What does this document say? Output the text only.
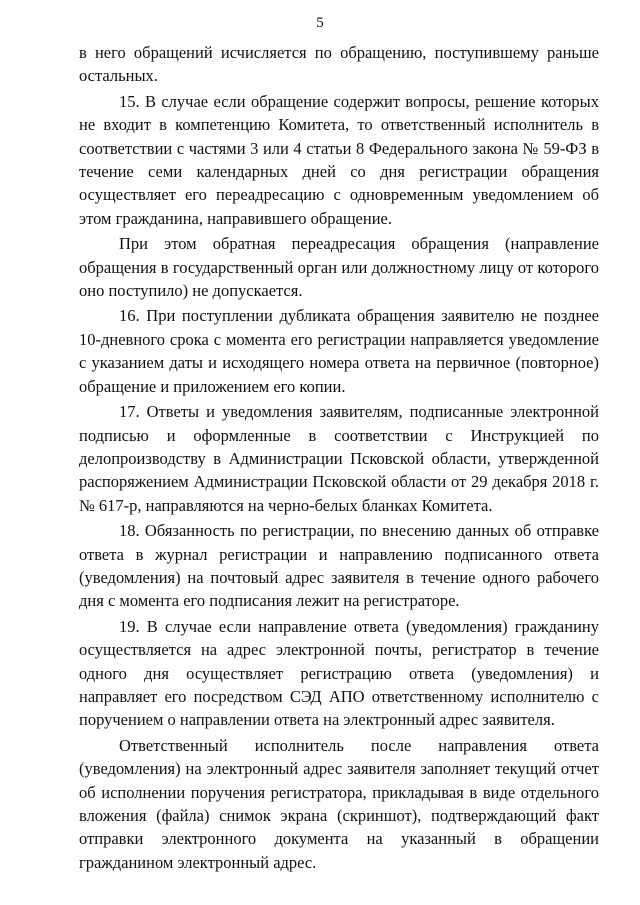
5

в него обращений исчисляется по обращению, поступившему раньше остальных.

15. В случае если обращение содержит вопросы, решение которых не входит в компетенцию Комитета, то ответственный исполнитель в соответствии с частями 3 или 4 статьи 8 Федерального закона № 59-ФЗ в течение семи календарных дней со дня регистрации обращения осуществляет его переадресацию с одновременным уведомлением об этом гражданина, направившего обращение.

При этом обратная переадресация обращения (направление обращения в государственный орган или должностному лицу от которого оно поступило) не допускается.

16. При поступлении дубликата обращения заявителю не позднее 10-дневного срока с момента его регистрации направляется уведомление с указанием даты и исходящего номера ответа на первичное (повторное) обращение и приложением его копии.

17. Ответы и уведомления заявителям, подписанные электронной подписью и оформленные в соответствии с Инструкцией по делопроизводству в Администрации Псковской области, утвержденной распоряжением Администрации Псковской области от 29 декабря 2018 г. № 617-р, направляются на черно-белых бланках Комитета.

18. Обязанность по регистрации, по внесению данных об отправке ответа в журнал регистрации и направлению подписанного ответа (уведомления) на почтовый адрес заявителя в течение одного рабочего дня с момента его подписания лежит на регистраторе.

19. В случае если направление ответа (уведомления) гражданину осуществляется на адрес электронной почты, регистратор в течение одного дня осуществляет регистрацию ответа (уведомления) и направляет его посредством СЭД АПО ответственному исполнителю с поручением о направлении ответа на электронный адрес заявителя.

Ответственный исполнитель после направления ответа (уведомления) на электронный адрес заявителя заполняет текущий отчет об исполнении поручения регистратора, прикладывая в виде отдельного вложения (файла) снимок экрана (скриншот), подтверждающий факт отправки электронного документа на указанный в обращении гражданином электронный адрес.
